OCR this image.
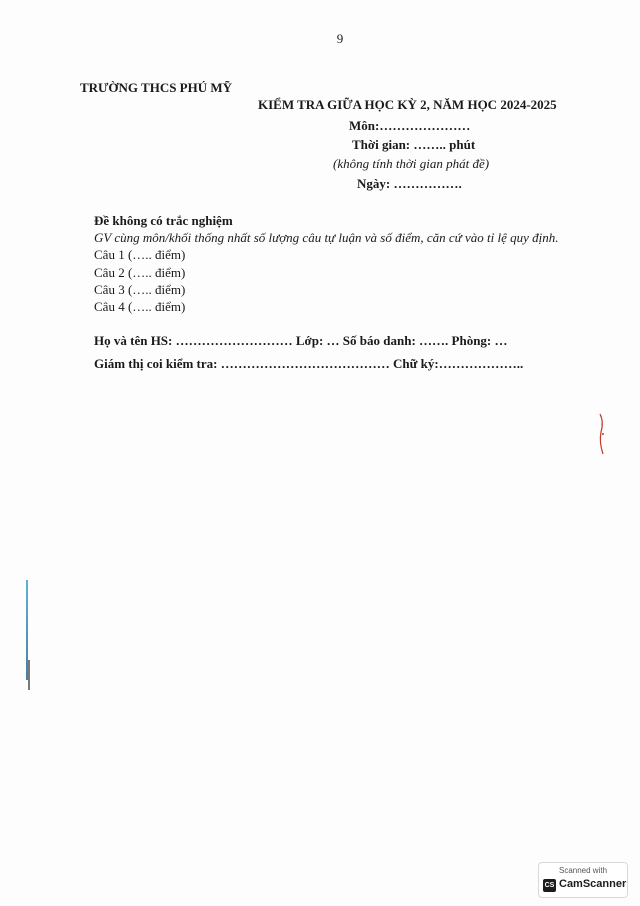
9
TRƯỜNG THCS PHÚ MỸ
KIỂM TRA GIỮA HỌC KỲ 2, NĂM HỌC 2024-2025
Môn:…………………
Thời gian: …….. phút
(không tính thời gian phát đề)
Ngày: …………….
Đề không có trắc nghiệm
GV cùng môn/khối thống nhất số lượng câu tự luận và số điểm, căn cứ vào tỉ lệ quy định.
Câu 1 (….. điểm)
Câu 2 (….. điểm)
Câu 3 (….. điểm)
Câu 4 (….. điểm)
Họ và tên HS: ……………………… Lớp: … Số báo danh: ……. Phòng: …
Giám thị coi kiểm tra: ………………………………… Chữ ký:………………..
Scanned with
CS CamScanner
